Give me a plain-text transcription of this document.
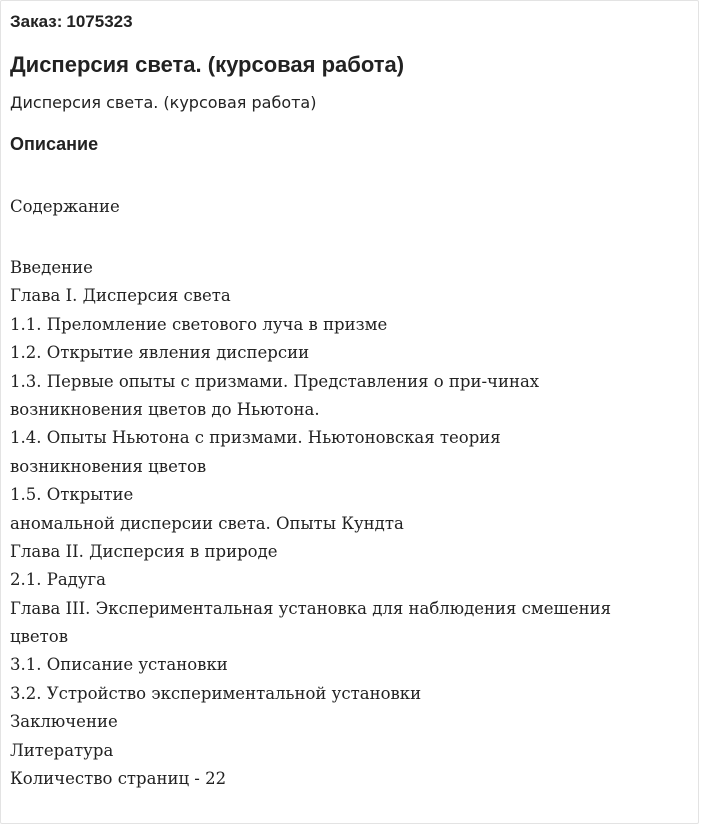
Заказ: 1075323
Дисперсия света. (курсовая работа)

Дисперсия света. (курсовая работа)

Описание

Содержание

Введение
Глава I. Дисперсия света
1.1. Преломление светового луча в призме
1.2. Открытие явления дисперсии
1.3. Первые опыты с призмами. Представления о при-чинах
возникновения цветов до Ньютона.
1.4. Опыты Ньютона с призмами. Ньютоновская теория
возникновения цветов
1.5. Открытие
аномальной дисперсии света. Опыты Кундта
Глава II. Дисперсия в природе
2.1. Радуга
Глава III. Экспериментальная установка для наблюдения смешения
цветов
3.1. Описание установки
3.2. Устройство экспериментальной установки
Заключение
Литература
Количество страниц - 22
